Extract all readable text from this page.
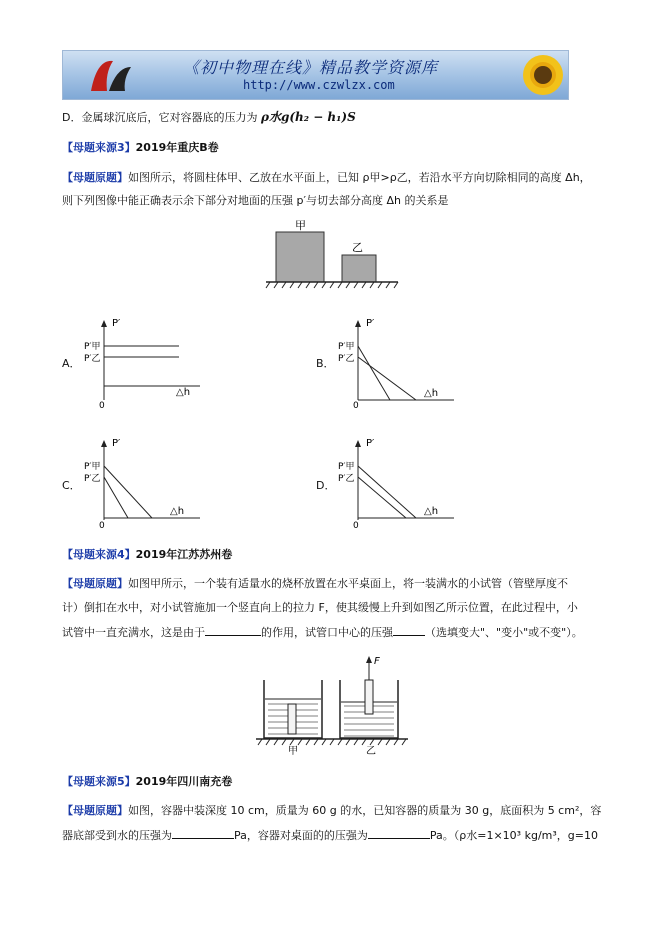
《初中物理在线》精品教学资源库
http://www.czwlzx.com
D．金属球沉底后，它对容器底的压力为 ρ水g(h₂ − h₁)S
【母题来源3】2019年重庆B卷
【母题原题】如图所示，将圆柱体甲、乙放在水平面上，已知 ρ甲>ρ乙，若沿水平方向切除相同的高度 Δh，
则下列图像中能正确表示余下部分对地面的压强 p′与切去部分高度 Δh 的关系是
甲
乙
A．
P′
P′甲
P′乙
△h
0
B．
P′
P′甲
P′乙
△h
0
C．
P′
P′甲
P′乙
△h
0
D．
P′
P′甲
P′乙
△h
0
【母题来源4】2019年江苏苏州卷
【母题原题】如图甲所示，一个装有适量水的烧杯放置在水平桌面上，将一装满水的小试管（管壁厚度不
计）倒扣在水中，对小试管施加一个竖直向上的拉力 F，使其缓慢上升到如图乙所示位置，在此过程中，小
试管中一直充满水，这是由于	的作用，试管口中心的压强	（选填变大"、"变小"或不变"）。
F
甲	乙
【母题来源5】2019年四川南充卷
【母题原题】如图，容器中装深度 10 cm，质量为 60 g 的水，已知容器的质量为 30 g，底面积为 5 cm²，容
器底部受到水的压强为	Pa，容器对桌面的的压强为	Pa。（ρ水=1×10³ kg/m³，g=10
